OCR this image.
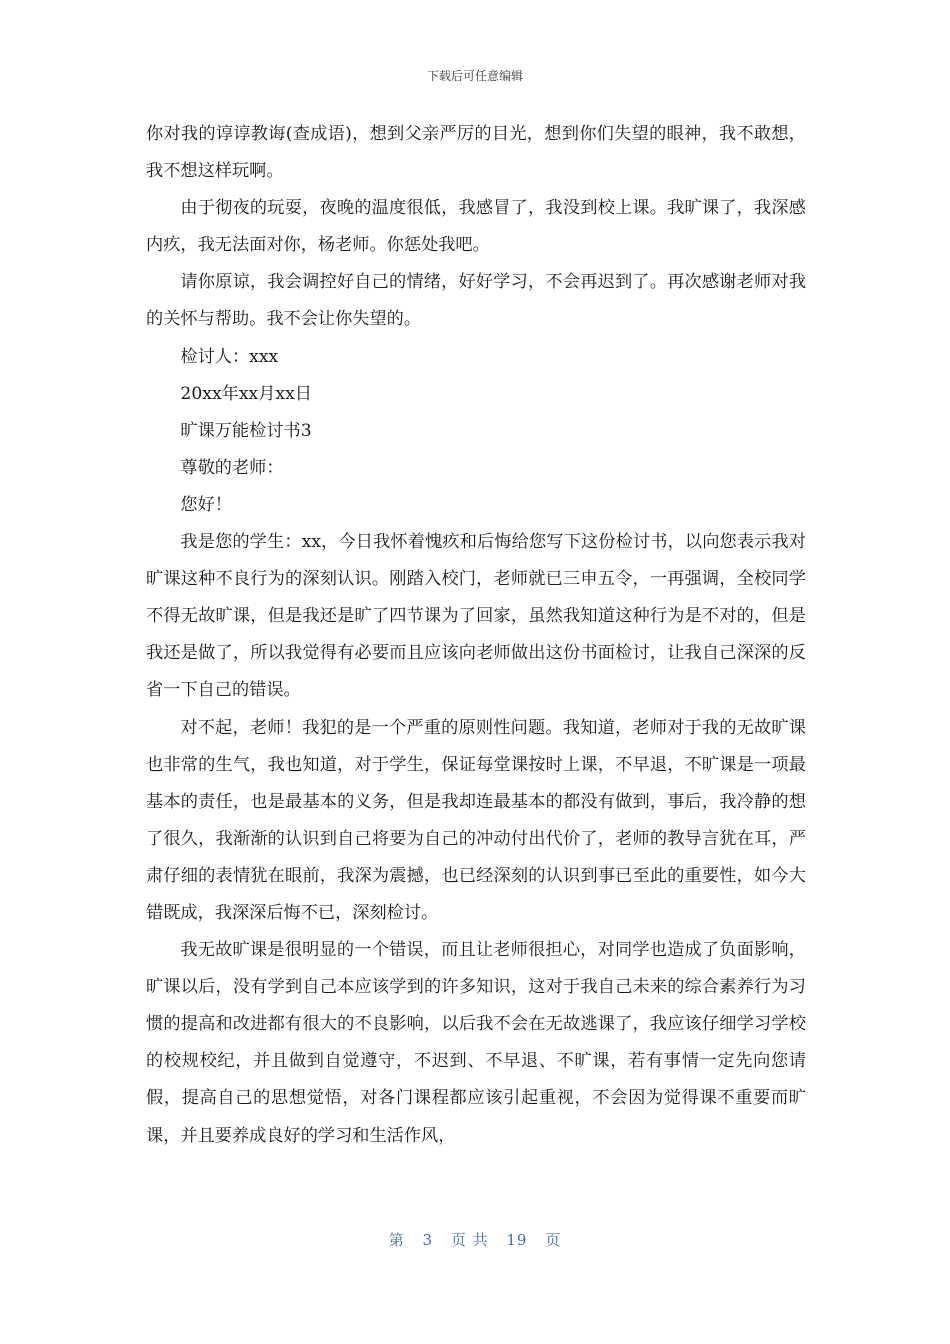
下载后可任意编辑

你对我的谆谆教诲(查成语)，想到父亲严厉的目光，想到你们失望的眼神，我不敢想，我不想这样玩啊。

由于彻夜的玩耍，夜晚的温度很低，我感冒了，我没到校上课。我旷课了，我深感内疚，我无法面对你，杨老师。你惩处我吧。

请你原谅，我会调控好自己的情绪，好好学习，不会再迟到了。再次感谢老师对我的关怀与帮助。我不会让你失望的。

检讨人：xxx

20xx年xx月xx日

旷课万能检讨书3

尊敬的老师：

您好！

我是您的学生：xx，今日我怀着愧疚和后悔给您写下这份检讨书，以向您表示我对旷课这种不良行为的深刻认识。刚踏入校门，老师就已三申五令，一再强调，全校同学不得无故旷课，但是我还是旷了四节课为了回家，虽然我知道这种行为是不对的，但是我还是做了，所以我觉得有必要而且应该向老师做出这份书面检讨，让我自己深深的反省一下自己的错误。

对不起，老师！我犯的是一个严重的原则性问题。我知道，老师对于我的无故旷课也非常的生气，我也知道，对于学生，保证每堂课按时上课，不早退，不旷课是一项最基本的责任，也是最基本的义务，但是我却连最基本的都没有做到，事后，我冷静的想了很久，我渐渐的认识到自己将要为自己的冲动付出代价了，老师的教导言犹在耳，严肃仔细的表情犹在眼前，我深为震撼，也已经深刻的认识到事已至此的重要性，如今大错既成，我深深后悔不已，深刻检讨。

我无故旷课是很明显的一个错误，而且让老师很担心，对同学也造成了负面影响，旷课以后，没有学到自己本应该学到的许多知识，这对于我自己未来的综合素养行为习惯的提高和改进都有很大的不良影响，以后我不会在无故逃课了，我应该仔细学习学校的校规校纪，并且做到自觉遵守，不迟到、不早退、不旷课，若有事情一定先向您请假，提高自己的思想觉悟，对各门课程都应该引起重视，不会因为觉得课不重要而旷课，并且要养成良好的学习和生活作风，

第 3 页 共 19 页
